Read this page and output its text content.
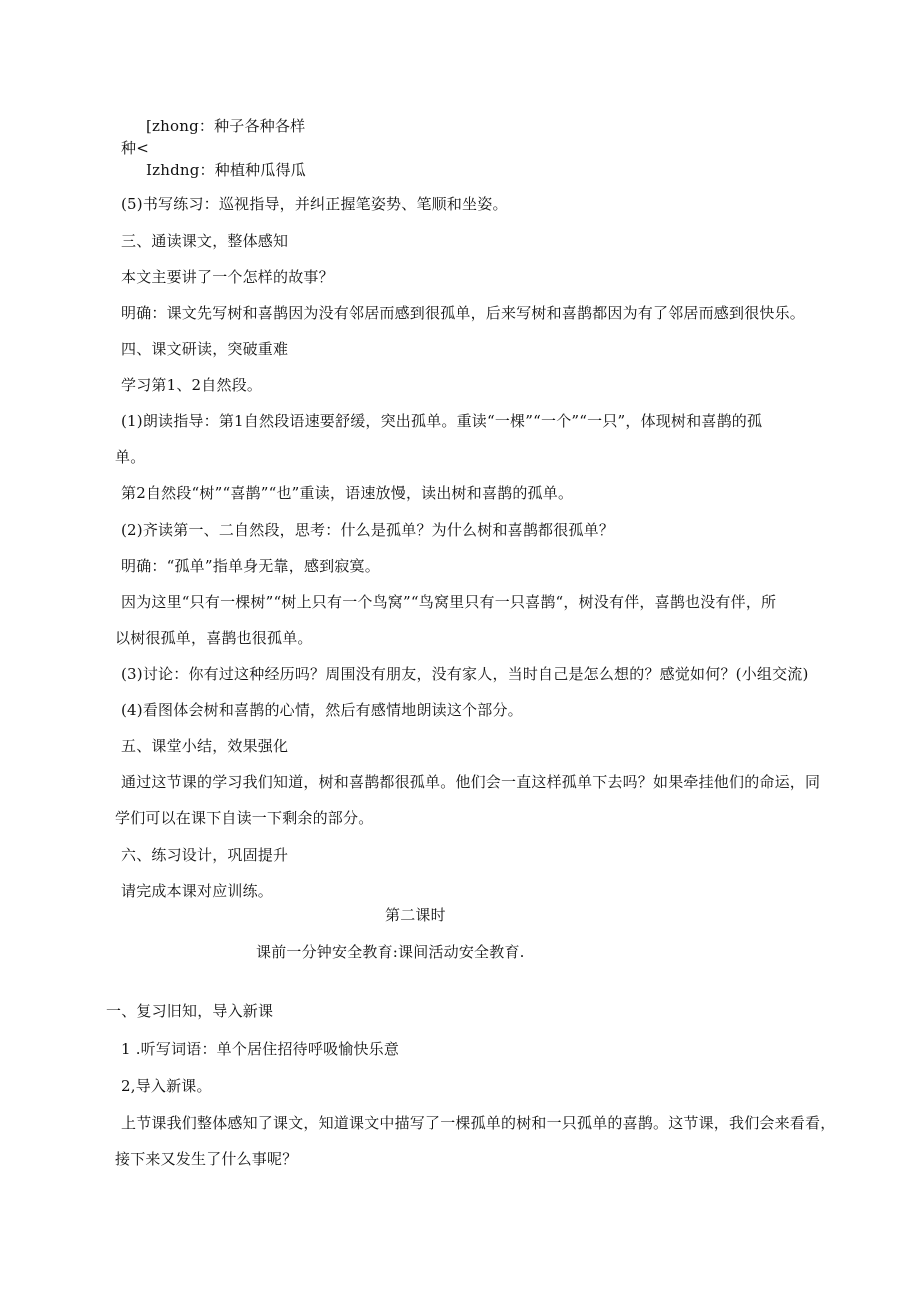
[zhong：种子各种各样
种<
Izhdng：种植种瓜得瓜
(5)书写练习：巡视指导，并纠正握笔姿势、笔顺和坐姿。
三、通读课文，整体感知
本文主要讲了一个怎样的故事？
明确：课文先写树和喜鹊因为没有邻居而感到很孤单，后来写树和喜鹊都因为有了邻居而感到很快乐。
四、课文研读，突破重难
学习第1、2自然段。
(1)朗读指导：第1自然段语速要舒缓，突出孤单。重读“一棵”“一个”“一只”，体现树和喜鹊的孤
单。
第2自然段“树”“喜鹊”“也”重读，语速放慢，读出树和喜鹊的孤单。
(2)齐读第一、二自然段，思考：什么是孤单？为什么树和喜鹊都很孤单？
明确：“孤单”指单身无靠，感到寂寞。
因为这里“只有一棵树”“树上只有一个鸟窝”“鸟窝里只有一只喜鹊“，树没有伴，喜鹊也没有伴，所
以树很孤单，喜鹊也很孤单。
(3)讨论：你有过这种经历吗？周围没有朋友，没有家人，当时自己是怎么想的？感觉如何？(小组交流)
(4)看图体会树和喜鹊的心情，然后有感情地朗读这个部分。
五、课堂小结，效果强化
通过这节课的学习我们知道，树和喜鹊都很孤单。他们会一直这样孤单下去吗？如果牵挂他们的命运，同
学们可以在课下自读一下剩余的部分。
六、练习设计，巩固提升
请完成本课对应训练。
第二课时
课前一分钟安全教育:课间活动安全教育.
一、复习旧知，导入新课
1 .听写词语：单个居住招待呼吸愉快乐意
2,导入新课。
上节课我们整体感知了课文，知道课文中描写了一棵孤单的树和一只孤单的喜鹊。这节课，我们会来看看，
接下来又发生了什么事呢？
